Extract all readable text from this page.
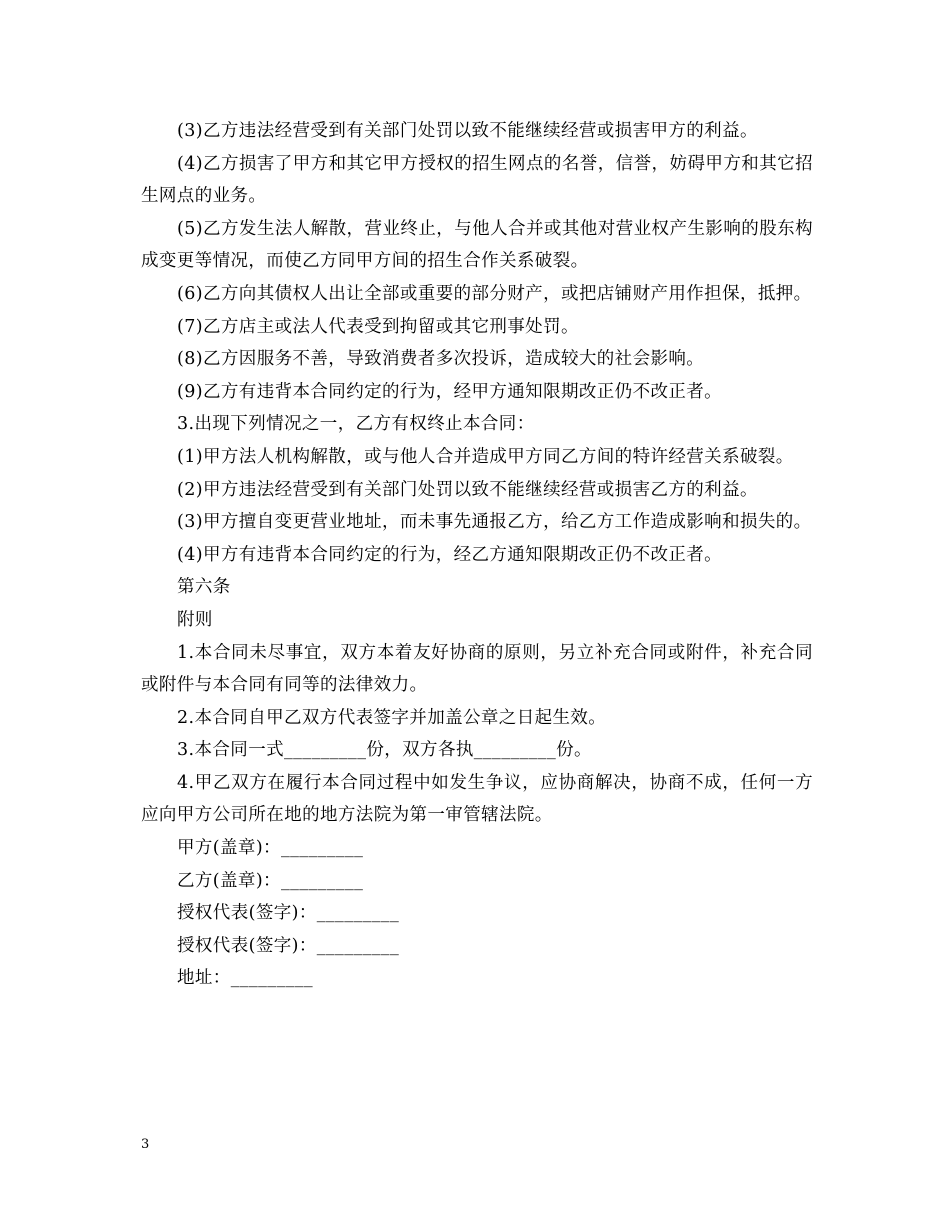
(3)乙方违法经营受到有关部门处罚以致不能继续经营或损害甲方的利益。

(4)乙方损害了甲方和其它甲方授权的招生网点的名誉，信誉，妨碍甲方和其它招生网点的业务。

(5)乙方发生法人解散，营业终止，与他人合并或其他对营业权产生影响的股东构成变更等情况，而使乙方同甲方间的招生合作关系破裂。

(6)乙方向其债权人出让全部或重要的部分财产，或把店铺财产用作担保，抵押。

(7)乙方店主或法人代表受到拘留或其它刑事处罚。

(8)乙方因服务不善，导致消费者多次投诉，造成较大的社会影响。

(9)乙方有违背本合同约定的行为，经甲方通知限期改正仍不改正者。

3.出现下列情况之一，乙方有权终止本合同：

(1)甲方法人机构解散，或与他人合并造成甲方同乙方间的特许经营关系破裂。

(2)甲方违法经营受到有关部门处罚以致不能继续经营或损害乙方的利益。

(3)甲方擅自变更营业地址，而未事先通报乙方，给乙方工作造成影响和损失的。

(4)甲方有违背本合同约定的行为，经乙方通知限期改正仍不改正者。

第六条

附则

1.本合同未尽事宜，双方本着友好协商的原则，另立补充合同或附件，补充合同或附件与本合同有同等的法律效力。

2.本合同自甲乙双方代表签字并加盖公章之日起生效。

3.本合同一式_________份，双方各执_________份。

4.甲乙双方在履行本合同过程中如发生争议，应协商解决，协商不成，任何一方应向甲方公司所在地的地方法院为第一审管辖法院。

甲方(盖章)：_________

乙方(盖章)：_________

授权代表(签字)：_________

授权代表(签字)：_________

地址：_________

3
